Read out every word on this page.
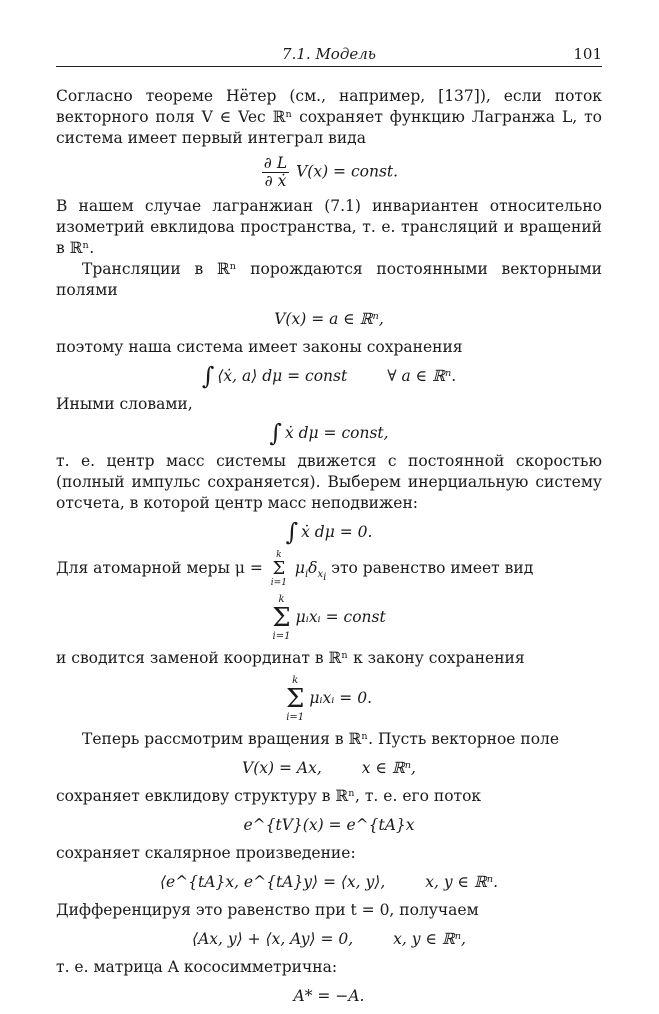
7.1. Модель	101
Согласно теореме Нётер (см., например, [137]), если поток векторного поля V ∈ Vec ℝⁿ сохраняет функцию Лагранжа L, то система имеет первый интеграл вида
$\frac{\partial L}{\text{∂ ẋ}} V(x)$ = const.
В нашем случае лагранжиан (7.1) инвариантен относительно изометрий евклидова пространства, т. е. трансляций и вращений в ℝⁿ.
Трансляции в ℝⁿ порождаются постоянными векторными полями
V(x) = a ∈ ℝⁿ,
поэтому наша система имеет законы сохранения
∫ ⟨ẋ, a⟩ dμ = const	∀ a ∈ ℝⁿ.
Иными словами,
∫ ẋ dμ = const,
т. е. центр масс системы движется с постоянной скоростью (полный импульс сохраняется). Выберем инерциальную систему отсчета, в которой центр масс неподвижен:
∫ ẋ dμ = 0.
Для атомарной меры μ =
k
Σ
i=1
$\mu_i\delta_{x_i}$ это равенство имеет вид
k
Σ
i=1
μᵢxᵢ = const
и сводится заменой координат в ℝⁿ к закону сохранения
k
Σ
i=1
μᵢxᵢ = 0.
Теперь рассмотрим вращения в ℝⁿ. Пусть векторное поле
V(x) = Ax,	x ∈ ℝⁿ,
сохраняет евклидову структуру в ℝⁿ, т. е. его поток
e^{tV}(x) = e^{tA}x
сохраняет скалярное произведение:
⟨e^{tA}x, e^{tA}y⟩ = ⟨x, y⟩,	x, y ∈ ℝⁿ.
Дифференцируя это равенство при t = 0, получаем
⟨Ax, y⟩ + ⟨x, Ay⟩ = 0,	x, y ∈ ℝⁿ,
т. е. матрица A кососимметрична:
A* = −A.
